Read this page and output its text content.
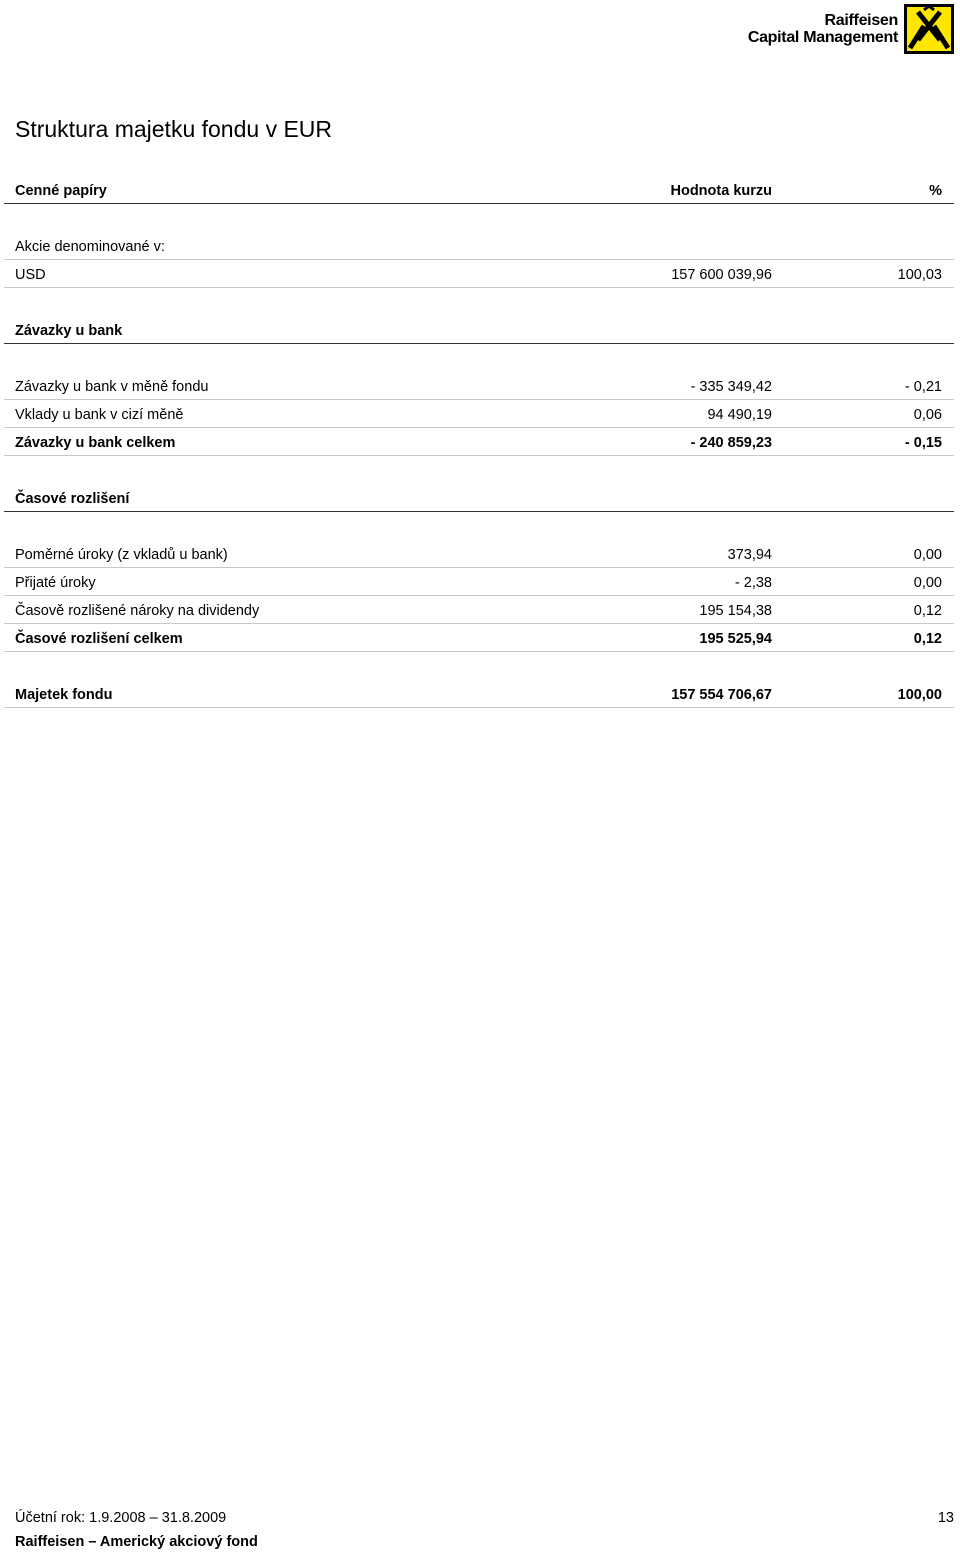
Raiffeisen
Capital Management
Struktura majetku fondu v EUR
Cenné papíry	Hodnota kurzu	%
Akcie denominované v:
USD	157 600 039,96	100,03
Závazky u bank
Závazky u bank v měně fondu	- 335 349,42	- 0,21
Vklady u bank v cizí měně	94 490,19	0,06
Závazky u bank celkem	- 240 859,23	- 0,15
Časové rozlišení
Poměrné úroky (z vkladů u bank)	373,94	0,00
Přijaté úroky	- 2,38	0,00
Časově rozlišené nároky na dividendy	195 154,38	0,12
Časové rozlišení celkem	195 525,94	0,12
Majetek fondu	157 554 706,67	100,00
Účetní rok: 1.9.2008 – 31.8.2009	13
Raiffeisen – Americký akciový fond
